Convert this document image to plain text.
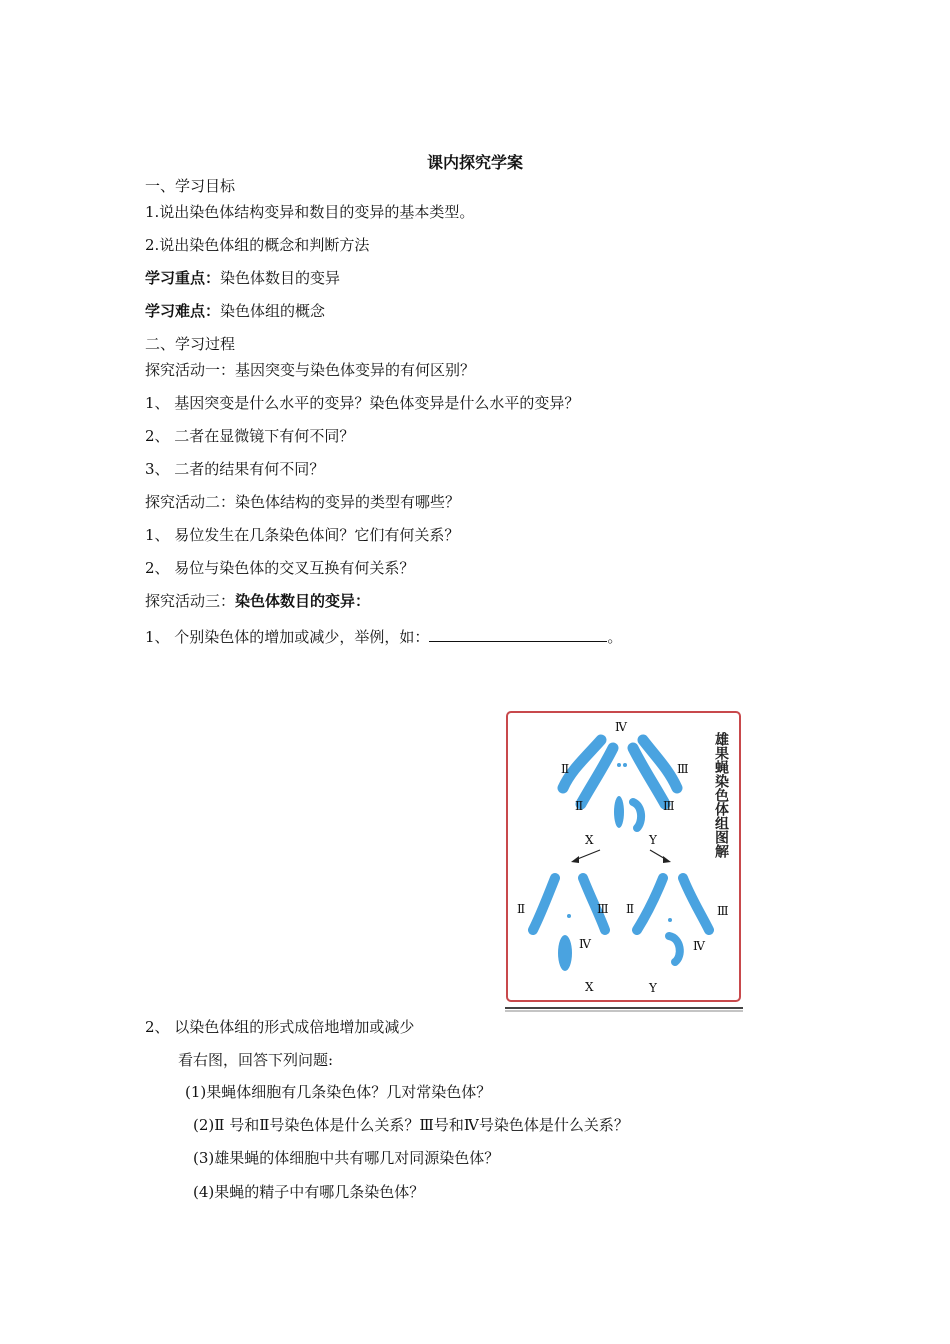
课内探究学案
一、学习目标
1.说出染色体结构变异和数目的变异的基本类型。
2.说出染色体组的概念和判断方法
学习重点：染色体数目的变异
学习难点：染色体组的概念
二、学习过程
探究活动一：基因突变与染色体变异的有何区别？
1、 基因突变是什么水平的变异？染色体变异是什么水平的变异？
2、 二者在显微镜下有何不同？
3、 二者的结果有何不同？
探究活动二：染色体结构的变异的类型有哪些？
1、 易位发生在几条染色体间？它们有何关系？
2、 易位与染色体的交叉互换有何关系？
探究活动三：染色体数目的变异：
1、 个别染色体的增加或减少，举例，如：	。
Ⅳ
Ⅱ	Ⅲ
Ⅱ	Ⅲ
X	Y
Ⅱ	Ⅲ
Ⅳ
Ⅱ	Ⅲ
Ⅳ
X	Y
雄果蝇染色体组图解
2、 以染色体组的形式成倍地增加或减少
看右图，回答下列问题:
(1)果蝇体细胞有几条染色体？几对常染色体？
(2)Ⅱ 号和Ⅱ号染色体是什么关系？Ⅲ号和Ⅳ号染色体是什么关系？
(3)雄果蝇的体细胞中共有哪几对同源染色体？
(4)果蝇的精子中有哪几条染色体？
